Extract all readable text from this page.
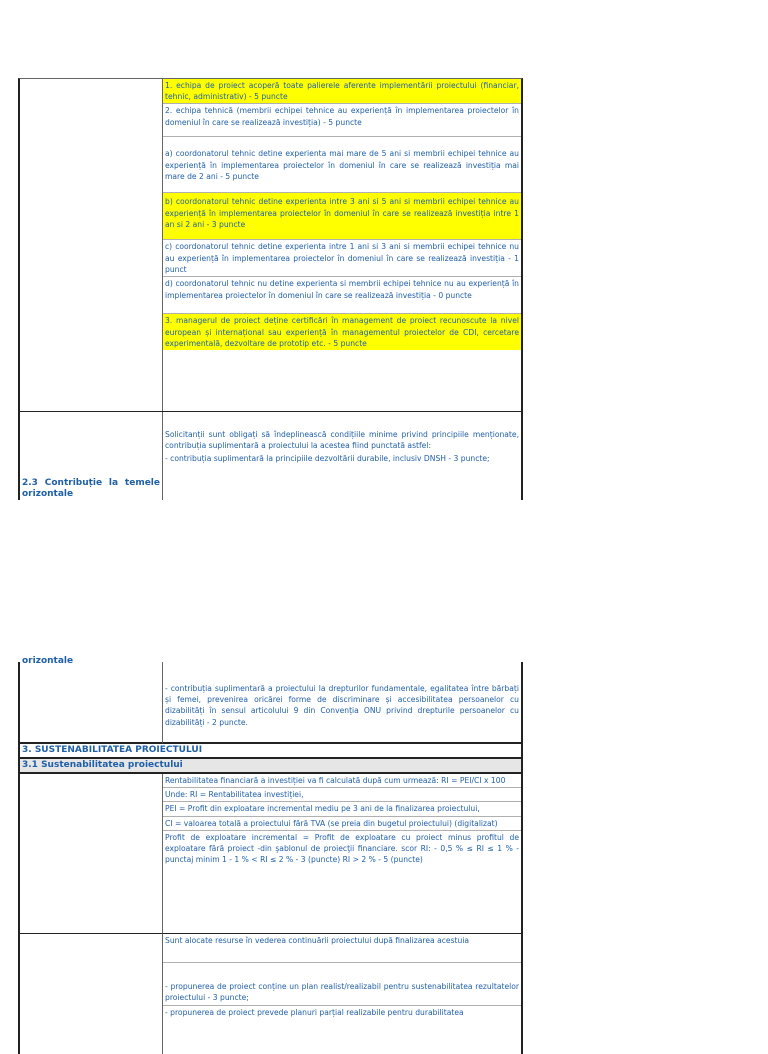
1. echipa de proiect acoperă toate palierele aferente implementării proiectului (financiar, tehnic, administrativ) - 5 puncte
2. echipa tehnică (membrii echipei tehnice au experiență în implementarea proiectelor în domeniul în care se realizează investiția) - 5 puncte
a) coordonatorul tehnic detine experienta mai mare de 5 ani si membrii echipei tehnice au experiență în implementarea proiectelor în domeniul în care se realizează investiția mai mare de 2 ani - 5 puncte
b) coordonatorul tehnic detine experienta intre 3 ani si 5 ani si membrii echipei tehnice au experiență în implementarea proiectelor în domeniul în care se realizează investiția intre 1 an si 2 ani - 3 puncte
c) coordonatorul tehnic detine experienta intre 1 ani si 3 ani si membrii echipei tehnice nu au experiență în implementarea proiectelor în domeniul în care se realizează investiția - 1 punct
d) coordonatorul tehnic nu detine experienta si membrii echipei tehnice nu au experiență în implementarea proiectelor în domeniul în care se realizează investiția - 0 puncte
3. managerul de proiect deține certificări în management de proiect recunoscute la nivel european și internațional sau experiență în managementul proiectelor de CDI, cercetare experimentală, dezvoltare de prototip etc. - 5 puncte
2.3 Contribuție la temele orizontale
Solicitanții sunt obligați să îndeplinească condițiile minime privind principiile menționate, contribuția suplimentară a proiectului la acestea fiind punctată astfel:
- contribuția suplimentară la principiile dezvoltării durabile, inclusiv DNSH - 3 puncte;
orizontale
- contribuția suplimentară a proiectului la drepturilor fundamentale, egalitatea între bărbați și femei, prevenirea oricărei forme de discriminare și accesibilitatea persoanelor cu dizabilități în sensul articolului 9 din Convenția ONU privind drepturile persoanelor cu dizabilități - 2 puncte.
3. SUSTENABILITATEA PROIECTULUI
3.1 Sustenabilitatea proiectului
Rentabilitatea financiară a investiției va fi calculată după cum urmează: RI = PEI/CI x 100
Unde: RI = Rentabilitatea investiției,
PEI = Profit din exploatare incremental mediu pe 3 ani de la finalizarea proiectului,
CI = valoarea totală a proiectului fără TVA (se preia din bugetul proiectului) (digitalizat)
Profit de exploatare incremental = Profit de exploatare cu proiect minus profitul de exploatare fără proiect -din şablonul de proiecţii financiare. scor RI: - 0,5 % ≤ RI ≤ 1 % - punctaj minim 1 - 1 % < RI ≤ 2 % - 3 (puncte) RI > 2 % - 5 (puncte)
Sunt alocate resurse în vederea continuării proiectului după finalizarea acestuia
- propunerea de proiect conține un plan realist/realizabil pentru sustenabilitatea rezultatelor proiectului - 3 puncte;
- propunerea de proiect prevede planuri parțial realizabile pentru durabilitatea
